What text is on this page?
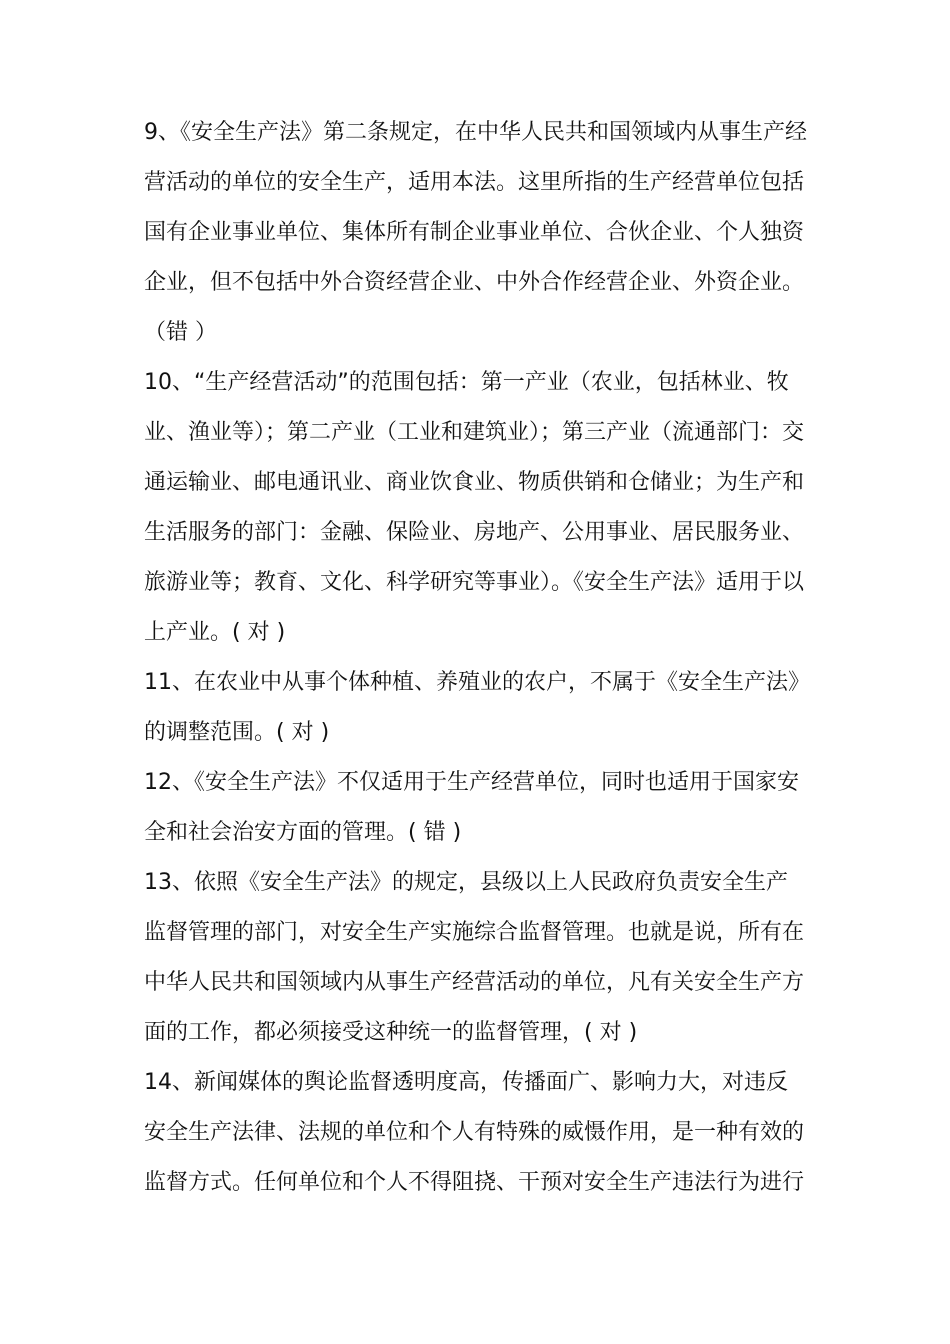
9、《安全生产法》第二条规定，在中华人民共和国领域内从事生产经
营活动的单位的安全生产，适用本法。这里所指的生产经营单位包括
国有企业事业单位、集体所有制企业事业单位、合伙企业、个人独资
企业，但不包括中外合资经营企业、中外合作经营企业、外资企业。
（错 ）
10、“生产经营活动”的范围包括：第一产业（农业，包括林业、牧
业、渔业等）；第二产业（工业和建筑业）；第三产业（流通部门：交
通运输业、邮电通讯业、商业饮食业、物质供销和仓储业；为生产和
生活服务的部门：金融、保险业、房地产、公用事业、居民服务业、
旅游业等；教育、文化、科学研究等事业）。《安全生产法》适用于以
上产业。( 对 )
11、在农业中从事个体种植、养殖业的农户，不属于《安全生产法》
的调整范围。( 对 )
12、《安全生产法》不仅适用于生产经营单位，同时也适用于国家安
全和社会治安方面的管理。( 错 )
13、依照《安全生产法》的规定，县级以上人民政府负责安全生产
监督管理的部门，对安全生产实施综合监督管理。也就是说，所有在
中华人民共和国领域内从事生产经营活动的单位，凡有关安全生产方
面的工作，都必须接受这种统一的监督管理，( 对 )
14、新闻媒体的舆论监督透明度高，传播面广、影响力大，对违反
安全生产法律、法规的单位和个人有特殊的威慑作用，是一种有效的
监督方式。任何单位和个人不得阻挠、干预对安全生产违法行为进行
